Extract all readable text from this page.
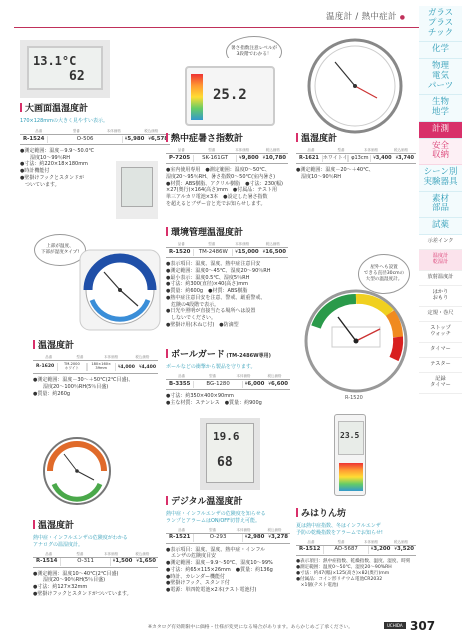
温度計 / 熱中症計 ●	ガラス
プラス
チック
化学
物理
電気
パーツ
生物
地学
計測
安全
収納
シーン別
実験器具
素材
部品
試薬
示差インク
温度計
乾湿計
放射温度計
はかり
おもり
定規・巻尺
ストップ
ウォッチ
タイマー
テスター
記録
タイマー
13.1°C
62
大画面温湿度計
170×128mmの大きく見やすい表示。
品番	型番	本体価格	税込価格
R-1524	O-506	¥ 5,980	¥ 6,578
●測定範囲：温度－9.9〜50.0℃
　　湿度10〜99％RH
●寸法：約220×18×180mm
●時計機能付
●壁掛けフックとスタンドが
　ついています。
暑さ指数注意レベルが
3段階でわかる！
25.2
熱中症暑さ指数計
品番	型番	本体価格	税込価格
P-7205	SK-161GT	¥ 9,800	¥ 10,780
●室内使用専用　●測定範囲：温度0〜50℃、
湿度20〜95％RH、暑さ指数0〜50℃(室内暑さ)
●材質：ABS樹脂、アクリル樹脂　●寸法：230(幅)
×27(奥行)×164(高さ)mm　●付属品：テスト用
単三アルカリ電池×3本　●設定した暑さ指数
を超えるとブザー音と光でお知らせします。
温湿度計
品番	型番	本体価格	税込価格
R-1621 ホワイトイ φ13cm	¥ 3,400	¥ 3,740
●測定範囲：温度－20〜＋40℃、
　湿度10〜90％RH
上部が温度、
下部が湿度タイプ!
温湿度計
品番	型番	本体価格	税込価格
R-1620	TM-2000
ホワイト
180×160×
39mm	¥ 4,000	¥ 4,400
●測定範囲：温度－30〜＋50℃(2℃目盛)、
　　湿度20〜100％RH(5％目盛)
●質量：約260g
環境管理温湿度計
品番	型番	本体価格	税込価格
R-1520	TM-2486W	¥ 15,000	¥ 16,500
●表示項目：温度、湿度、熱中症注意目安
●測定範囲：温度0〜45℃、湿度20〜90％RH
●最小表示：温度0.5℃、湿度5％RH
●寸法：約300(直径)×40(高さ)mm
●質量：約600g　●材質：ABS樹脂
●熱中症注意目安を注意、警戒、厳重警戒、
　危険の4段階で表示。
●日光や照明が直接当たる場所へは設置
　しないでください。
●壁掛け用(木ねじ付)　●防滴型
ボールガード (TM-2486W専用)
ボールなどの衝撃から製品を守ります。
品番	型番	本体価格	税込価格
B-3355	BG-1280	¥ 6,000	¥ 6,600
●寸法：約350×400×90mm
●主な材質：ステンレス　●質量：約900g
屋外へも設置
できる直径30cmの
大型の温湿度計。
R-1520
温湿度計
熱中症・インフルエンザの危険度がわかる
アナログの温湿度計。
品番	型番	本体価格	税込価格
R-1514	O-311	¥ 1,500	¥ 1,650
●測定範囲：温度10〜40℃(2℃目盛)
　　湿度20〜90％RH(5％目盛)
●寸法：約127×32mm
●壁掛けフックとスタンドがついています。
19.6
68
デジタル温湿度計
熱中症・インフルエンザの危険度を知らせる
ランプとアラームはON/OFF切替え可能。
品番	型番	本体価格	税込価格
R-1521	O-293	¥ 2,980	¥ 3,278
●表示項目：温度、湿度、熱中症・インフル
　エンザの危険度目安
●測定範囲：温度－9.9〜50℃、湿度10〜99%
●寸法：約65×115×26mm　●質量：約136g
●時計、カレンダー機能付
●壁掛けフック、スタンド付
●電源：単四乾電池×2本(テスト電池付)
23.5
みはりん坊
夏は熱中症指数、冬はインフルエンザ
予防の乾燥指数をアラームでお知らせ!
品番	型番	本体価格	税込価格
R-1512	AD-5687	¥ 3,200	¥ 3,520
●表示項目：熱中症指数、乾燥指数、温度、湿度、時刻
●測定範囲：温度0〜50℃、湿度20〜90%RH
●寸法：約47(幅)×125(高さ)×82(奥行)mm
●付属品：コイン形リチウム電池CR2032
　×1個(テスト電池)
※カタログ有効期限中に価格・仕様が変更になる場合があります。あらかじめご了承ください。	UCHIDA 307
